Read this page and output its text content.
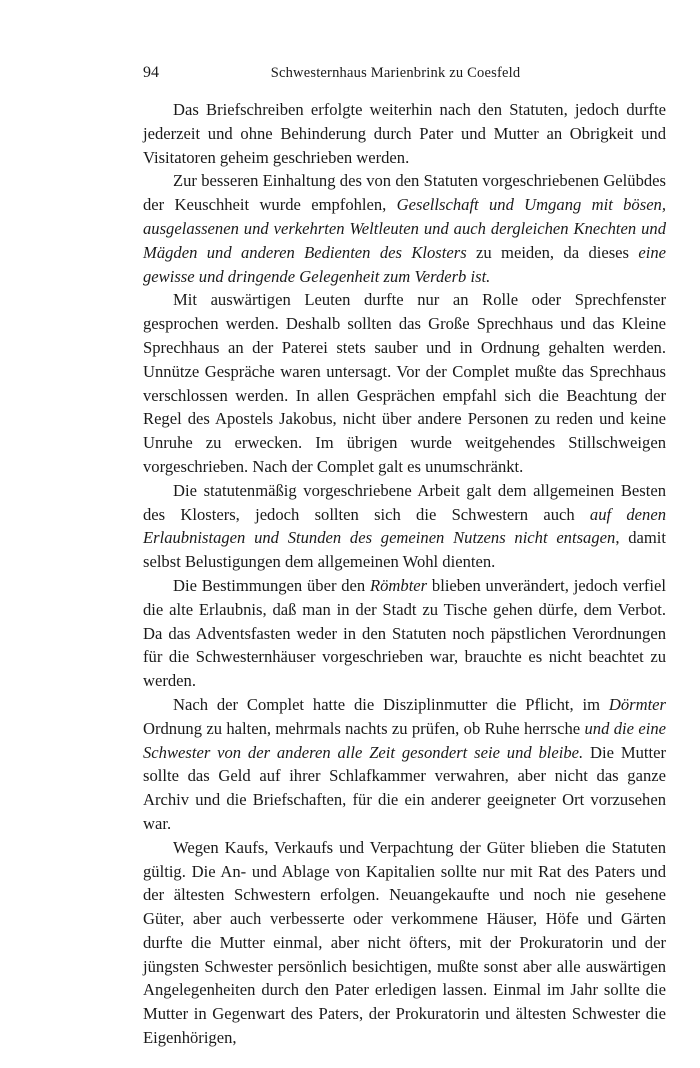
94	Schwesternhaus Marienbrink zu Coesfeld

Das Briefschreiben erfolgte weiterhin nach den Statuten, jedoch durfte jederzeit und ohne Behinderung durch Pater und Mutter an Obrigkeit und Visitatoren geheim geschrieben werden.

Zur besseren Einhaltung des von den Statuten vorgeschriebenen Gelübdes der Keuschheit wurde empfohlen, Gesellschaft und Umgang mit bösen, ausgelassenen und verkehrten Weltleuten und auch dergleichen Knechten und Mägden und anderen Bedienten des Klosters zu meiden, da dieses eine gewisse und dringende Gelegenheit zum Verderb ist.

Mit auswärtigen Leuten durfte nur an Rolle oder Sprechfenster gesprochen werden. Deshalb sollten das Große Sprechhaus und das Kleine Sprechhaus an der Paterei stets sauber und in Ordnung gehalten werden. Unnütze Gespräche waren untersagt. Vor der Complet mußte das Sprechhaus verschlossen werden. In allen Gesprächen empfahl sich die Beachtung der Regel des Apostels Jakobus, nicht über andere Personen zu reden und keine Unruhe zu erwecken. Im übrigen wurde weitgehendes Stillschweigen vorgeschrieben. Nach der Complet galt es unumschränkt.

Die statutenmäßig vorgeschriebene Arbeit galt dem allgemeinen Besten des Klosters, jedoch sollten sich die Schwestern auch auf denen Erlaubnistagen und Stunden des gemeinen Nutzens nicht entsagen, damit selbst Belustigungen dem allgemeinen Wohl dienten.

Die Bestimmungen über den Römbter blieben unverändert, jedoch verfiel die alte Erlaubnis, daß man in der Stadt zu Tische gehen dürfe, dem Verbot. Da das Adventsfasten weder in den Statuten noch päpstlichen Verordnungen für die Schwesternhäuser vorgeschrieben war, brauchte es nicht beachtet zu werden.

Nach der Complet hatte die Disziplinmutter die Pflicht, im Dörmter Ordnung zu halten, mehrmals nachts zu prüfen, ob Ruhe herrsche und die eine Schwester von der anderen alle Zeit gesondert seie und bleibe. Die Mutter sollte das Geld auf ihrer Schlafkammer verwahren, aber nicht das ganze Archiv und die Briefschaften, für die ein anderer geeigneter Ort vorzusehen war.

Wegen Kaufs, Verkaufs und Verpachtung der Güter blieben die Statuten gültig. Die An- und Ablage von Kapitalien sollte nur mit Rat des Paters und der ältesten Schwestern erfolgen. Neuangekaufte und noch nie gesehene Güter, aber auch verbesserte oder verkommene Häuser, Höfe und Gärten durfte die Mutter einmal, aber nicht öfters, mit der Prokuratorin und der jüngsten Schwester persönlich besichtigen, mußte sonst aber alle auswärtigen Angelegenheiten durch den Pater erledigen lassen. Einmal im Jahr sollte die Mutter in Gegenwart des Paters, der Prokuratorin und ältesten Schwester die Eigenhörigen,
